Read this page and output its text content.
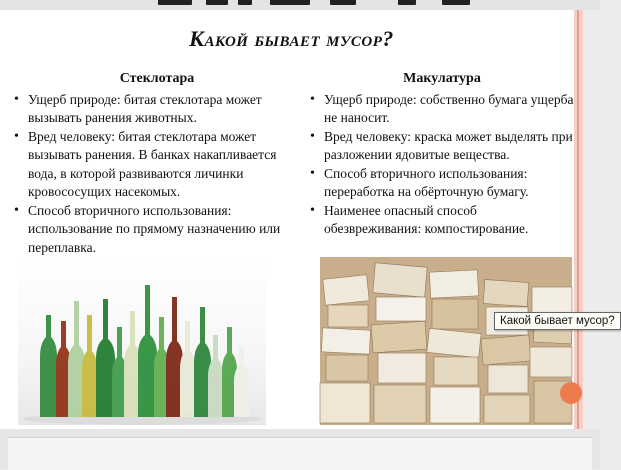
Какой бывает мусор?
Стеклотара
• Ущерб природе: битая стеклотара может вызывать ранения животных.
• Вред человеку: битая стеклотара может вызывать ранения. В банках накапливается вода, в которой развиваются личинки кровососущих насекомых.
• Способ вторичного использования: использование по прямому назначению или переплавка.
Макулатура
• Ущерб природе: собственно бумага ущерба не наносит.
• Вред человеку: краска может выделять при разложении ядовитые вещества.
• Способ вторичного использования: переработка на обёрточную бумагу.
• Наименее опасный способ обезвреживания: компостирование.
Какой бывает мусор?
